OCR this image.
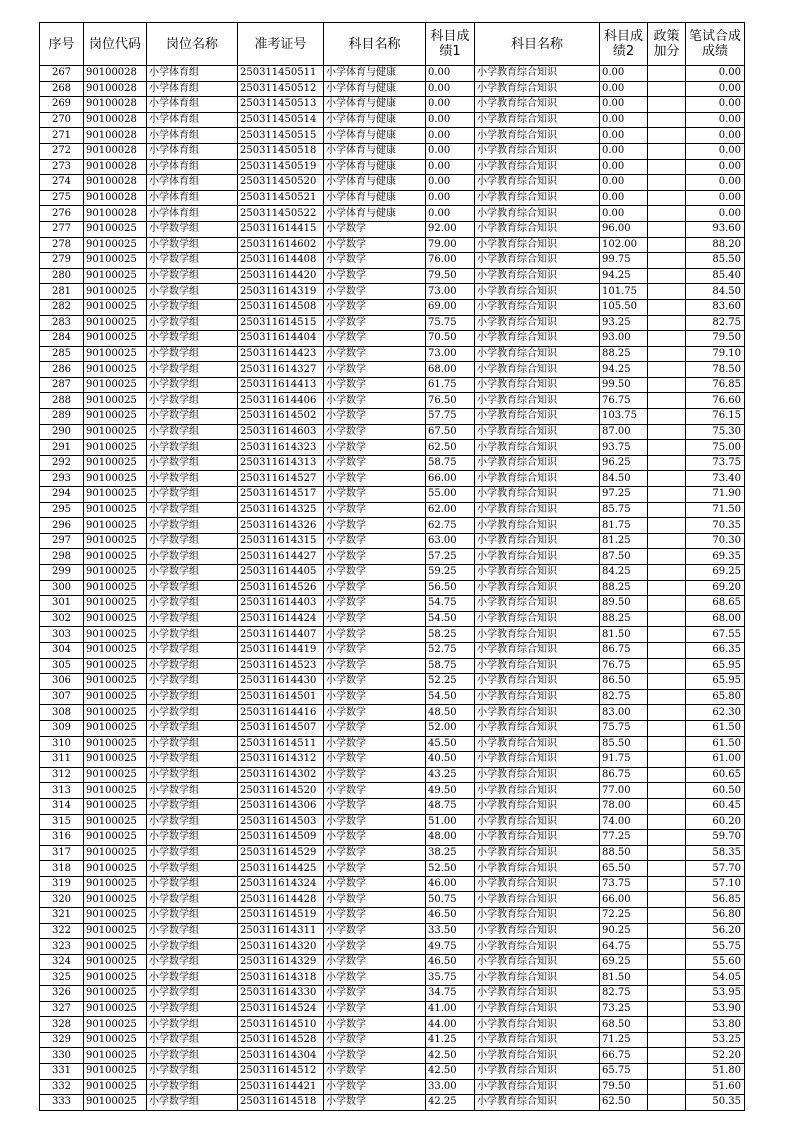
序号	岗位代码	岗位名称	准考证号	科目名称	科目成绩1	科目名称	科目成绩2	政策加分	笔试合成成绩
267	90100028	小学体育组	250311450511	小学体育与健康	0.00	小学教育综合知识	0.00		0.00
268	90100028	小学体育组	250311450512	小学体育与健康	0.00	小学教育综合知识	0.00		0.00
269	90100028	小学体育组	250311450513	小学体育与健康	0.00	小学教育综合知识	0.00		0.00
270	90100028	小学体育组	250311450514	小学体育与健康	0.00	小学教育综合知识	0.00		0.00
271	90100028	小学体育组	250311450515	小学体育与健康	0.00	小学教育综合知识	0.00		0.00
272	90100028	小学体育组	250311450518	小学体育与健康	0.00	小学教育综合知识	0.00		0.00
273	90100028	小学体育组	250311450519	小学体育与健康	0.00	小学教育综合知识	0.00		0.00
274	90100028	小学体育组	250311450520	小学体育与健康	0.00	小学教育综合知识	0.00		0.00
275	90100028	小学体育组	250311450521	小学体育与健康	0.00	小学教育综合知识	0.00		0.00
276	90100028	小学体育组	250311450522	小学体育与健康	0.00	小学教育综合知识	0.00		0.00
277	90100025	小学数学组	250311614415	小学数学	92.00	小学教育综合知识	96.00		93.60
278	90100025	小学数学组	250311614602	小学数学	79.00	小学教育综合知识	102.00		88.20
279	90100025	小学数学组	250311614408	小学数学	76.00	小学教育综合知识	99.75		85.50
280	90100025	小学数学组	250311614420	小学数学	79.50	小学教育综合知识	94.25		85.40
281	90100025	小学数学组	250311614319	小学数学	73.00	小学教育综合知识	101.75		84.50
282	90100025	小学数学组	250311614508	小学数学	69.00	小学教育综合知识	105.50		83.60
283	90100025	小学数学组	250311614515	小学数学	75.75	小学教育综合知识	93.25		82.75
284	90100025	小学数学组	250311614404	小学数学	70.50	小学教育综合知识	93.00		79.50
285	90100025	小学数学组	250311614423	小学数学	73.00	小学教育综合知识	88.25		79.10
286	90100025	小学数学组	250311614327	小学数学	68.00	小学教育综合知识	94.25		78.50
287	90100025	小学数学组	250311614413	小学数学	61.75	小学教育综合知识	99.50		76.85
288	90100025	小学数学组	250311614406	小学数学	76.50	小学教育综合知识	76.75		76.60
289	90100025	小学数学组	250311614502	小学数学	57.75	小学教育综合知识	103.75		76.15
290	90100025	小学数学组	250311614603	小学数学	67.50	小学教育综合知识	87.00		75.30
291	90100025	小学数学组	250311614323	小学数学	62.50	小学教育综合知识	93.75		75.00
292	90100025	小学数学组	250311614313	小学数学	58.75	小学教育综合知识	96.25		73.75
293	90100025	小学数学组	250311614527	小学数学	66.00	小学教育综合知识	84.50		73.40
294	90100025	小学数学组	250311614517	小学数学	55.00	小学教育综合知识	97.25		71.90
295	90100025	小学数学组	250311614325	小学数学	62.00	小学教育综合知识	85.75		71.50
296	90100025	小学数学组	250311614326	小学数学	62.75	小学教育综合知识	81.75		70.35
297	90100025	小学数学组	250311614315	小学数学	63.00	小学教育综合知识	81.25		70.30
298	90100025	小学数学组	250311614427	小学数学	57.25	小学教育综合知识	87.50		69.35
299	90100025	小学数学组	250311614405	小学数学	59.25	小学教育综合知识	84.25		69.25
300	90100025	小学数学组	250311614526	小学数学	56.50	小学教育综合知识	88.25		69.20
301	90100025	小学数学组	250311614403	小学数学	54.75	小学教育综合知识	89.50		68.65
302	90100025	小学数学组	250311614424	小学数学	54.50	小学教育综合知识	88.25		68.00
303	90100025	小学数学组	250311614407	小学数学	58.25	小学教育综合知识	81.50		67.55
304	90100025	小学数学组	250311614419	小学数学	52.75	小学教育综合知识	86.75		66.35
305	90100025	小学数学组	250311614523	小学数学	58.75	小学教育综合知识	76.75		65.95
306	90100025	小学数学组	250311614430	小学数学	52.25	小学教育综合知识	86.50		65.95
307	90100025	小学数学组	250311614501	小学数学	54.50	小学教育综合知识	82.75		65.80
308	90100025	小学数学组	250311614416	小学数学	48.50	小学教育综合知识	83.00		62.30
309	90100025	小学数学组	250311614507	小学数学	52.00	小学教育综合知识	75.75		61.50
310	90100025	小学数学组	250311614511	小学数学	45.50	小学教育综合知识	85.50		61.50
311	90100025	小学数学组	250311614312	小学数学	40.50	小学教育综合知识	91.75		61.00
312	90100025	小学数学组	250311614302	小学数学	43.25	小学教育综合知识	86.75		60.65
313	90100025	小学数学组	250311614520	小学数学	49.50	小学教育综合知识	77.00		60.50
314	90100025	小学数学组	250311614306	小学数学	48.75	小学教育综合知识	78.00		60.45
315	90100025	小学数学组	250311614503	小学数学	51.00	小学教育综合知识	74.00		60.20
316	90100025	小学数学组	250311614509	小学数学	48.00	小学教育综合知识	77.25		59.70
317	90100025	小学数学组	250311614529	小学数学	38.25	小学教育综合知识	88.50		58.35
318	90100025	小学数学组	250311614425	小学数学	52.50	小学教育综合知识	65.50		57.70
319	90100025	小学数学组	250311614324	小学数学	46.00	小学教育综合知识	73.75		57.10
320	90100025	小学数学组	250311614428	小学数学	50.75	小学教育综合知识	66.00		56.85
321	90100025	小学数学组	250311614519	小学数学	46.50	小学教育综合知识	72.25		56.80
322	90100025	小学数学组	250311614311	小学数学	33.50	小学教育综合知识	90.25		56.20
323	90100025	小学数学组	250311614320	小学数学	49.75	小学教育综合知识	64.75		55.75
324	90100025	小学数学组	250311614329	小学数学	46.50	小学教育综合知识	69.25		55.60
325	90100025	小学数学组	250311614318	小学数学	35.75	小学教育综合知识	81.50		54.05
326	90100025	小学数学组	250311614330	小学数学	34.75	小学教育综合知识	82.75		53.95
327	90100025	小学数学组	250311614524	小学数学	41.00	小学教育综合知识	73.25		53.90
328	90100025	小学数学组	250311614510	小学数学	44.00	小学教育综合知识	68.50		53.80
329	90100025	小学数学组	250311614528	小学数学	41.25	小学教育综合知识	71.25		53.25
330	90100025	小学数学组	250311614304	小学数学	42.50	小学教育综合知识	66.75		52.20
331	90100025	小学数学组	250311614512	小学数学	42.50	小学教育综合知识	65.75		51.80
332	90100025	小学数学组	250311614421	小学数学	33.00	小学教育综合知识	79.50		51.60
333	90100025	小学数学组	250311614518	小学数学	42.25	小学教育综合知识	62.50		50.35
